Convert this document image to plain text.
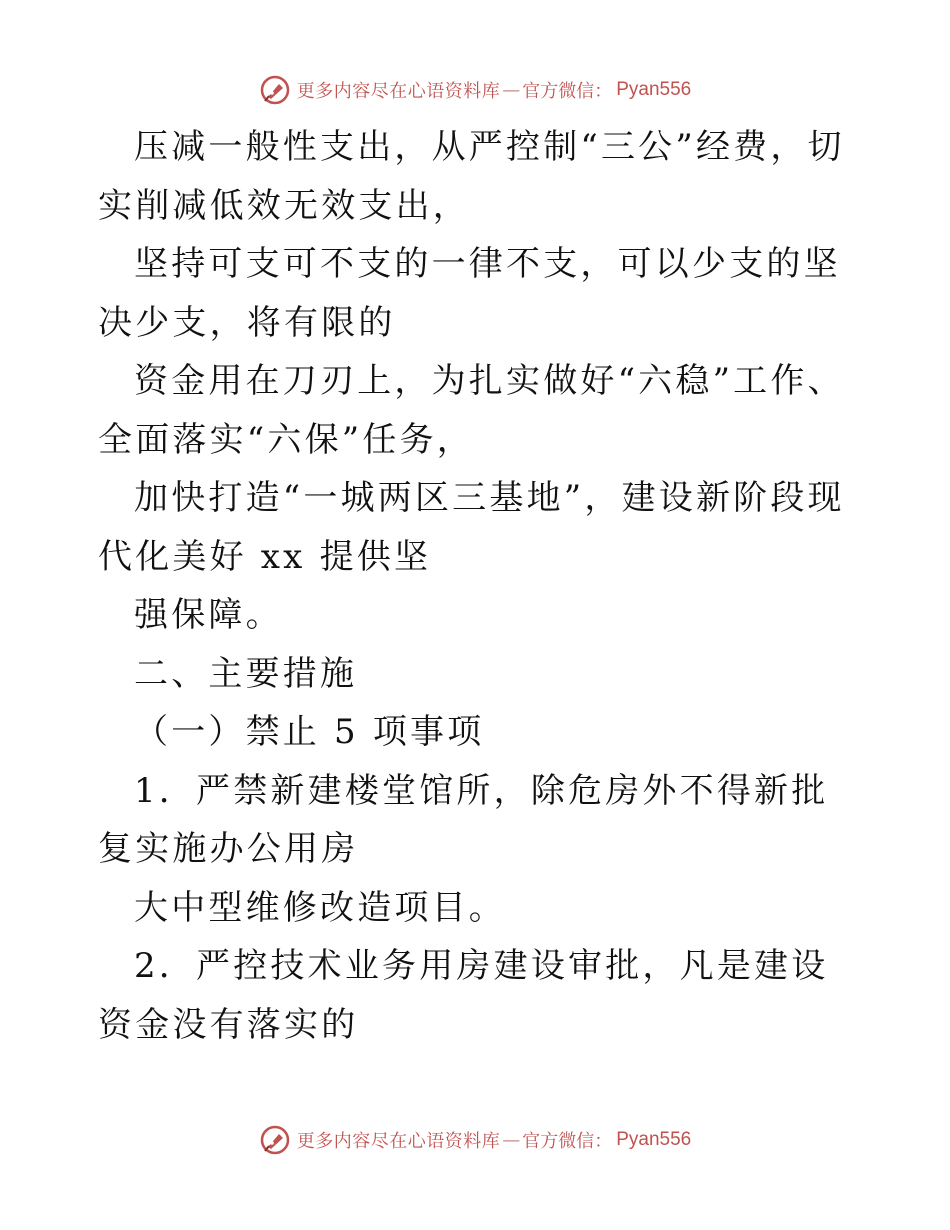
更多内容尽在心语资料库 — 官方微信： Pyan556

压减一般性支出，从严控制“三公”经费，切实削减低效无效支出，

坚持可支可不支的一律不支，可以少支的坚决少支，将有限的

资金用在刀刃上，为扎实做好“六稳”工作、全面落实“六保”任务，

加快打造“一城两区三基地”，建设新阶段现代化美好 xx 提供坚

强保障。

二、主要措施

（一）禁止 5 项事项

1．严禁新建楼堂馆所，除危房外不得新批复实施办公用房

大中型维修改造项目。

2．严控技术业务用房建设审批，凡是建设资金没有落实的

更多内容尽在心语资料库 — 官方微信： Pyan556
